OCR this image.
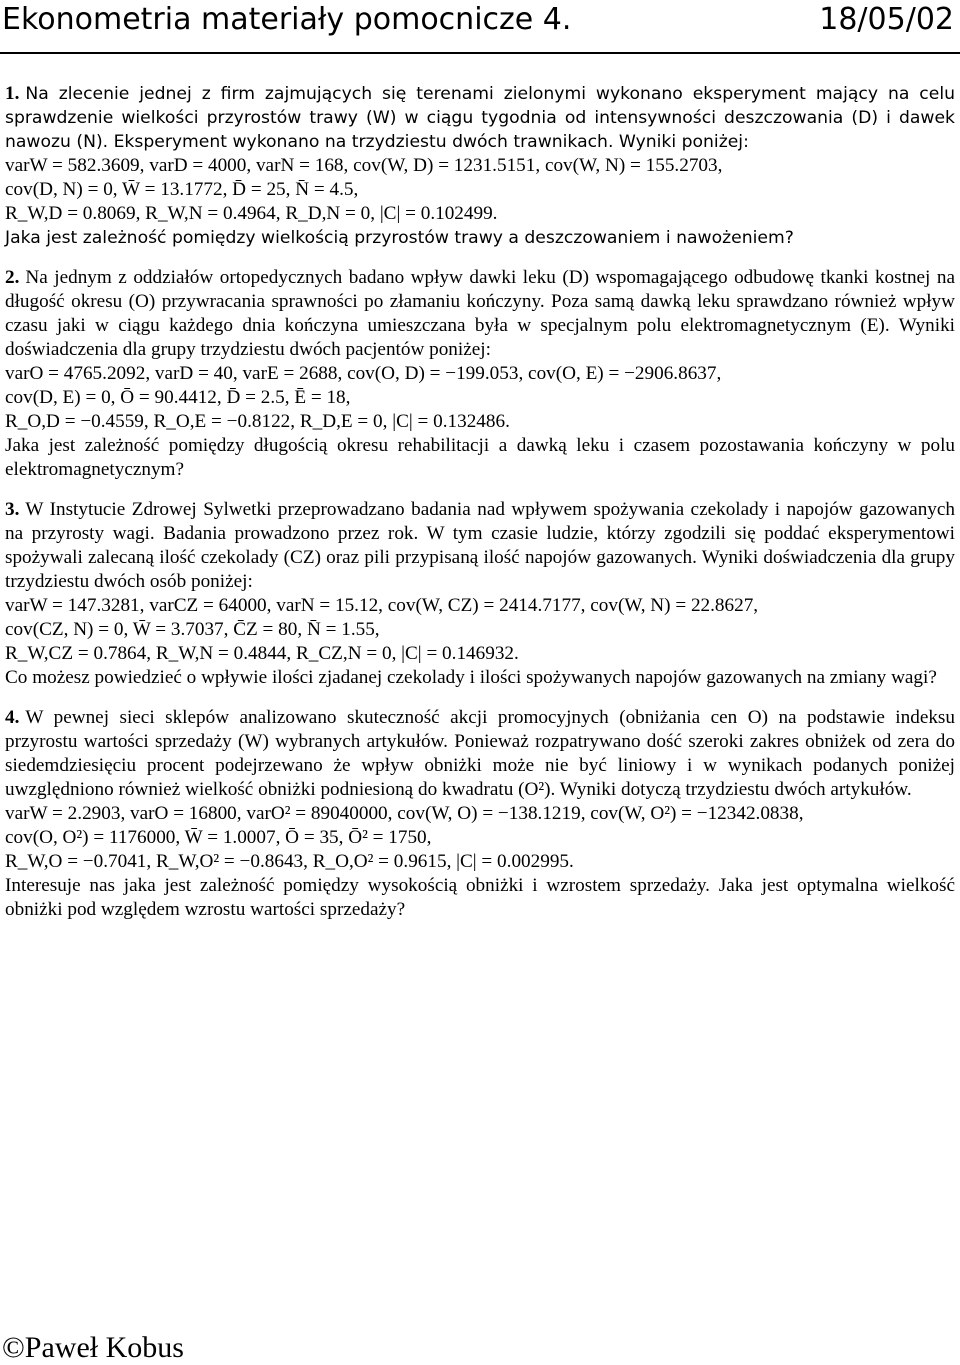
Ekonometria materiały pomocnicze 4.	18/05/02

1. Na zlecenie jednej z firm zajmujących się terenami zielonymi wykonano eksperyment mający na celu sprawdzenie wielkości przyrostów trawy (W) w ciągu tygodnia od intensywności deszczowania (D) i dawek nawozu (N). Eksperyment wykonano na trzydziestu dwóch trawnikach. Wyniki poniżej:

varW = 582.3609, varD = 4000, varN = 168, cov(W, D) = 1231.5151, cov(W, N) = 155.2703,

cov(D, N) = 0, W̄ = 13.1772, D̄ = 25, N̄ = 4.5,

R_W,D = 0.8069, R_W,N = 0.4964, R_D,N = 0, |C| = 0.102499.

Jaka jest zależność pomiędzy wielkością przyrostów trawy a deszczowaniem i nawożeniem?

2. Na jednym z oddziałów ortopedycznych badano wpływ dawki leku (D) wspomagającego odbudowę tkanki kostnej na długość okresu (O) przywracania sprawności po złamaniu kończyny. Poza samą dawką leku sprawdzano również wpływ czasu jaki w ciągu każdego dnia kończyna umieszczana była w specjalnym polu elektromagnetycznym (E). Wyniki doświadczenia dla grupy trzydziestu dwóch pacjentów poniżej:

varO = 4765.2092, varD = 40, varE = 2688, cov(O, D) = −199.053, cov(O, E) = −2906.8637,

cov(D, E) = 0, Ō = 90.4412, D̄ = 2.5, Ē = 18,

R_O,D = −0.4559, R_O,E = −0.8122, R_D,E = 0, |C| = 0.132486.

Jaka jest zależność pomiędzy długością okresu rehabilitacji a dawką leku i czasem pozostawania kończyny w polu elektromagnetycznym?

3. W Instytucie Zdrowej Sylwetki przeprowadzano badania nad wpływem spożywania czekolady i napojów gazowanych na przyrosty wagi. Badania prowadzono przez rok. W tym czasie ludzie, którzy zgodzili się poddać eksperymentowi spożywali zalecaną ilość czekolady (CZ) oraz pili przypisaną ilość napojów gazowanych. Wyniki doświadczenia dla grupy trzydziestu dwóch osób poniżej:

varW = 147.3281, varCZ = 64000, varN = 15.12, cov(W, CZ) = 2414.7177, cov(W, N) = 22.8627,

cov(CZ, N) = 0, W̄ = 3.7037, C̄Z = 80, N̄ = 1.55,

R_W,CZ = 0.7864, R_W,N = 0.4844, R_CZ,N = 0, |C| = 0.146932.

Co możesz powiedzieć o wpływie ilości zjadanej czekolady i ilości spożywanych napojów gazowanych na zmiany wagi?

4. W pewnej sieci sklepów analizowano skuteczność akcji promocyjnych (obniżania cen O) na podstawie indeksu przyrostu wartości sprzedaży (W) wybranych artykułów. Ponieważ rozpatrywano dość szeroki zakres obniżek od zera do siedemdziesięciu procent podejrzewano że wpływ obniżki może nie być liniowy i w wynikach podanych poniżej uwzględniono również wielkość obniżki podniesioną do kwadratu (O²). Wyniki dotyczą trzydziestu dwóch artykułów.

varW = 2.2903, varO = 16800, varO² = 89040000, cov(W, O) = −138.1219, cov(W, O²) = −12342.0838,

cov(O, O²) = 1176000, W̄ = 1.0007, Ō = 35, Ō² = 1750,

R_W,O = −0.7041, R_W,O² = −0.8643, R_O,O² = 0.9615, |C| = 0.002995.

Interesuje nas jaka jest zależność pomiędzy wysokością obniżki i wzrostem sprzedaży. Jaka jest optymalna wielkość obniżki pod względem wzrostu wartości sprzedaży?

©Paweł Kobus
